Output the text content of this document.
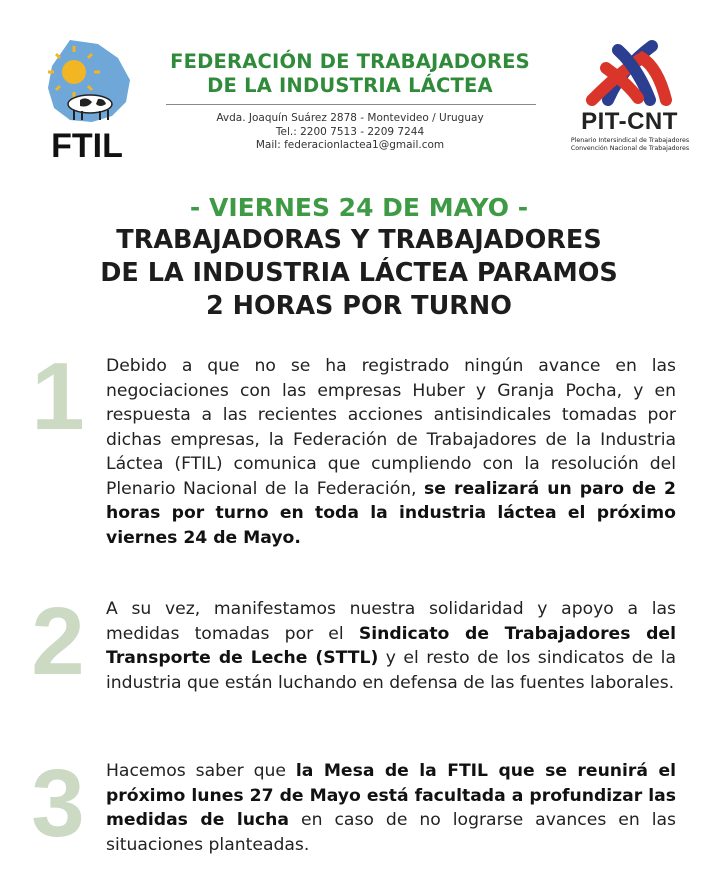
FTIL
FEDERACIÓN DE TRABAJADORES
DE LA INDUSTRIA LÁCTEA
Avda. Joaquín Suárez 2878 - Montevideo / Uruguay
Tel.: 2200 7513 - 2209 7244
Mail: federacionlactea1@gmail.com
PIT-CNT
Plenario Intersindical de Trabajadores
Convención Nacional de Trabajadores
- VIERNES 24 DE MAYO -
TRABAJADORAS Y TRABAJADORES
DE LA INDUSTRIA LÁCTEA PARAMOS
2 HORAS POR TURNO
1	Debido a que no se ha registrado ningún avance en las negociaciones con las empresas Huber y Granja Pocha, y en respuesta a las recientes acciones antisindicales tomadas por dichas empresas, la Federación de Trabajadores de la Industria Láctea (FTIL) comunica que cumpliendo con la resolución del Plenario Nacional de la Federación, se realizará un paro de 2 horas por turno en toda la industria láctea el próximo viernes 24 de Mayo.
2	A su vez, manifestamos nuestra solidaridad y apoyo a las medidas tomadas por el Sindicato de Trabajadores del Transporte de Leche (STTL) y el resto de los sindicatos de la industria que están luchando en defensa de las fuentes laborales.
3	Hacemos saber que la Mesa de la FTIL que se reunirá el próximo lunes 27 de Mayo está facultada a profundizar las medidas de lucha en caso de no lograrse avances en las situaciones planteadas.
